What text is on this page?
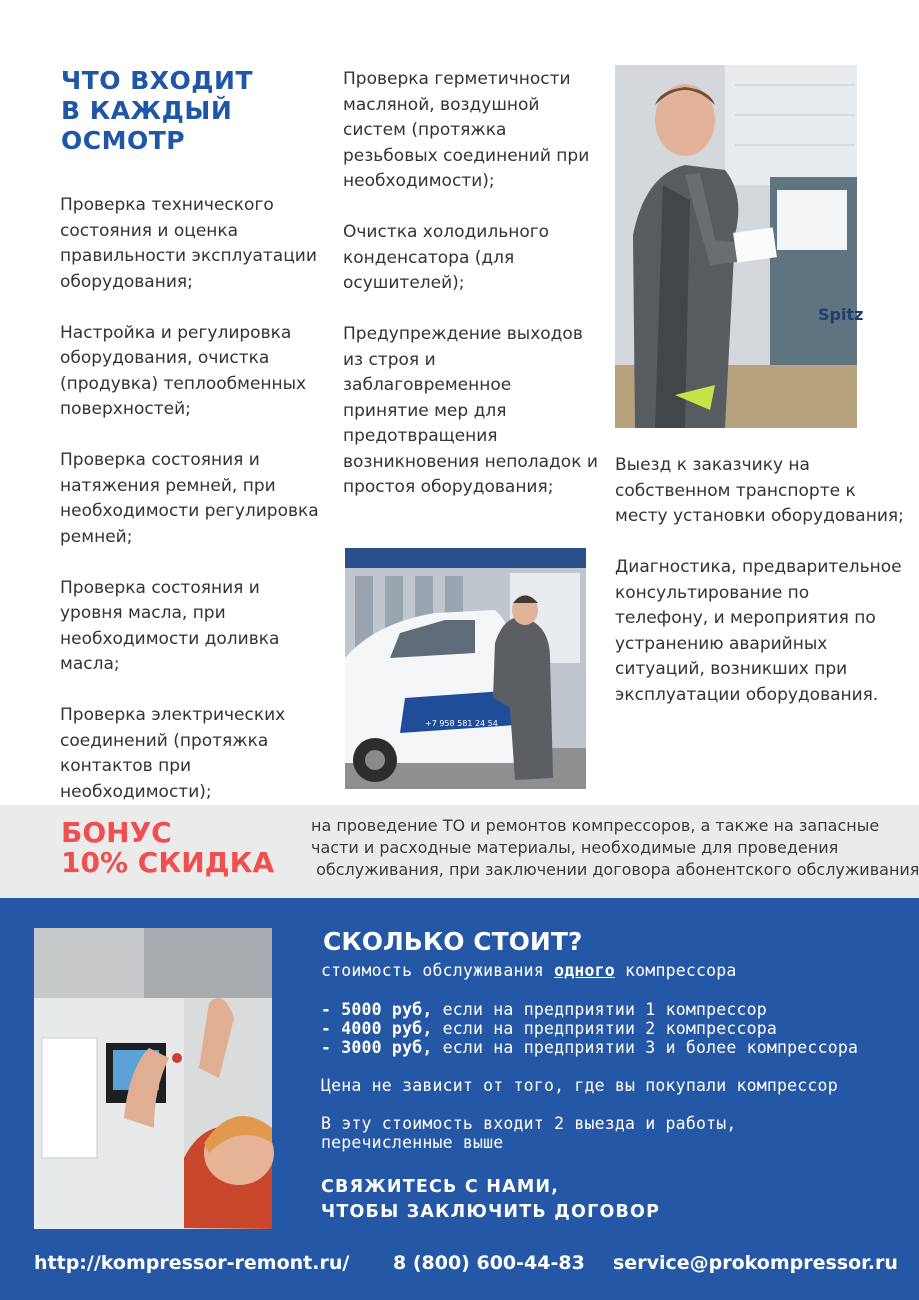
ЧТО ВХОДИТ
В КАЖДЫЙ
ОСМОТР

Проверка технического состояния и оценка правильности эксплуатации оборудования;

Настройка и регулировка оборудования, очистка (продувка) теплообменных поверхностей;

Проверка состояния и натяжения ремней, при необходимости регулировка ремней;

Проверка состояния и уровня масла, при необходимости доливка масла;

Проверка электрических соединений (протяжка контактов при необходимости);

Проверка герметичности масляной, воздушной систем (протяжка резьбовых соединений при необходимости);

Очистка холодильного конденсатора (для осушителей);

Предупреждение выходов из строя и заблаговременное принятие мер для предотвращения возникновения неполадок и простоя оборудования;

Выезд к заказчику на собственном транспорте к месту установки оборудования;

Диагностика, предварительное консультирование по телефону, и мероприятия по устранению аварийных ситуаций, возникших при эксплуатации оборудования.

Spitz
+7 958 581 24 54
БОНУС
10% СКИДКА
на проведение ТО и ремонтов компрессоров, а также на запасные
части и расходные материалы, необходимые для проведения
обслуживания, при заключении договора абонентского обслуживания
СКОЛЬКО СТОИТ?
стоимость обслуживания одного компрессора
- 5000 руб, если на предприятии 1 компрессор
- 4000 руб, если на предприятии 2 компрессора
- 3000 руб, если на предприятии 3 и более компрессора
Цена не зависит от того, где вы покупали компрессор
В эту стоимость входит 2 выезда и работы,
перечисленные выше
СВЯЖИТЕСЬ С НАМИ,
ЧТОБЫ ЗАКЛЮЧИТЬ ДОГОВОР
http://kompressor-remont.ru/ 8 (800) 600-44-83 service@prokompressor.ru
